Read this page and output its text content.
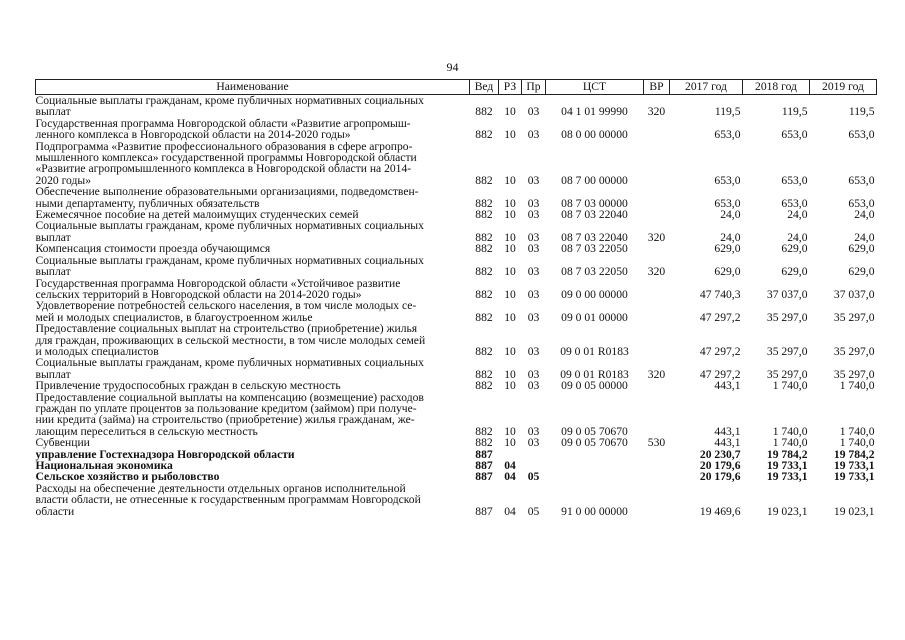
94
Наименование	Вед	РЗ	Пр	ЦСТ	ВР	2017 год	2018 год	2019 год

Социальные выплаты гражданам, кроме публичных нормативных социальных
выплат	882	10	03	04 1 01 99990	320	119,5	119,5	119,5

Государственная программа Новгородской области «Развитие агропромыш-
ленного комплекса в Новгородской области на 2014-2020 годы»	882	10	03	08 0 00 00000		653,0	653,0	653,0

Подпрограмма «Развитие профессионального образования в сфере агропро-
мышленного комплекса» государственной программы Новгородской области
«Развитие агропромышленного комплекса в Новгородской области на 2014-
2020 годы»	882	10	03	08 7 00 00000		653,0	653,0	653,0

Обеспечение выполнение образовательными организациями, подведомствен-
ными департаменту, публичных обязательств	882	10	03	08 7 03 00000		653,0	653,0	653,0

Ежемесячное пособие на детей малоимущих студенческих семей	882	10	03	08 7 03 22040		24,0	24,0	24,0

Социальные выплаты гражданам, кроме публичных нормативных социальных
выплат	882	10	03	08 7 03 22040	320	24,0	24,0	24,0

Компенсация стоимости проезда обучающимся	882	10	03	08 7 03 22050		629,0	629,0	629,0

Социальные выплаты гражданам, кроме публичных нормативных социальных
выплат	882	10	03	08 7 03 22050	320	629,0	629,0	629,0

Государственная программа Новгородской области «Устойчивое развитие
сельских территорий в Новгородской области на 2014-2020 годы»	882	10	03	09 0 00 00000		47 740,3	37 037,0	37 037,0

Удовлетворение потребностей сельского населения, в том числе молодых се-
мей и молодых специалистов, в благоустроенном жилье	882	10	03	09 0 01 00000		47 297,2	35 297,0	35 297,0

Предоставление социальных выплат на строительство (приобретение) жилья
для граждан, проживающих в сельской местности, в том числе молодых семей
и молодых специалистов	882	10	03	09 0 01 R0183		47 297,2	35 297,0	35 297,0

Социальные выплаты гражданам, кроме публичных нормативных социальных
выплат	882	10	03	09 0 01 R0183	320	47 297,2	35 297,0	35 297,0

Привлечение трудоспособных граждан в сельскую местность	882	10	03	09 0 05 00000		443,1	1 740,0	1 740,0

Предоставление социальной выплаты на компенсацию (возмещение) расходов
граждан по уплате процентов за пользование кредитом (займом) при получе-
нии кредита (займа) на строительство (приобретение) жилья гражданам, же-
лающим переселиться в сельскую местность	882	10	03	09 0 05 70670		443,1	1 740,0	1 740,0

Субвенции	882	10	03	09 0 05 70670	530	443,1	1 740,0	1 740,0

управление Гостехнадзора Новгородской области	887					20 230,7	19 784,2	19 784,2

Национальная экономика	887	04				20 179,6	19 733,1	19 733,1

Сельское хозяйство и рыболовство	887	04	05			20 179,6	19 733,1	19 733,1

Расходы на обеспечение деятельности отдельных органов исполнительной
власти области, не отнесенные к государственным программам Новгородской
области	887	04	05	91 0 00 00000		19 469,6	19 023,1	19 023,1
